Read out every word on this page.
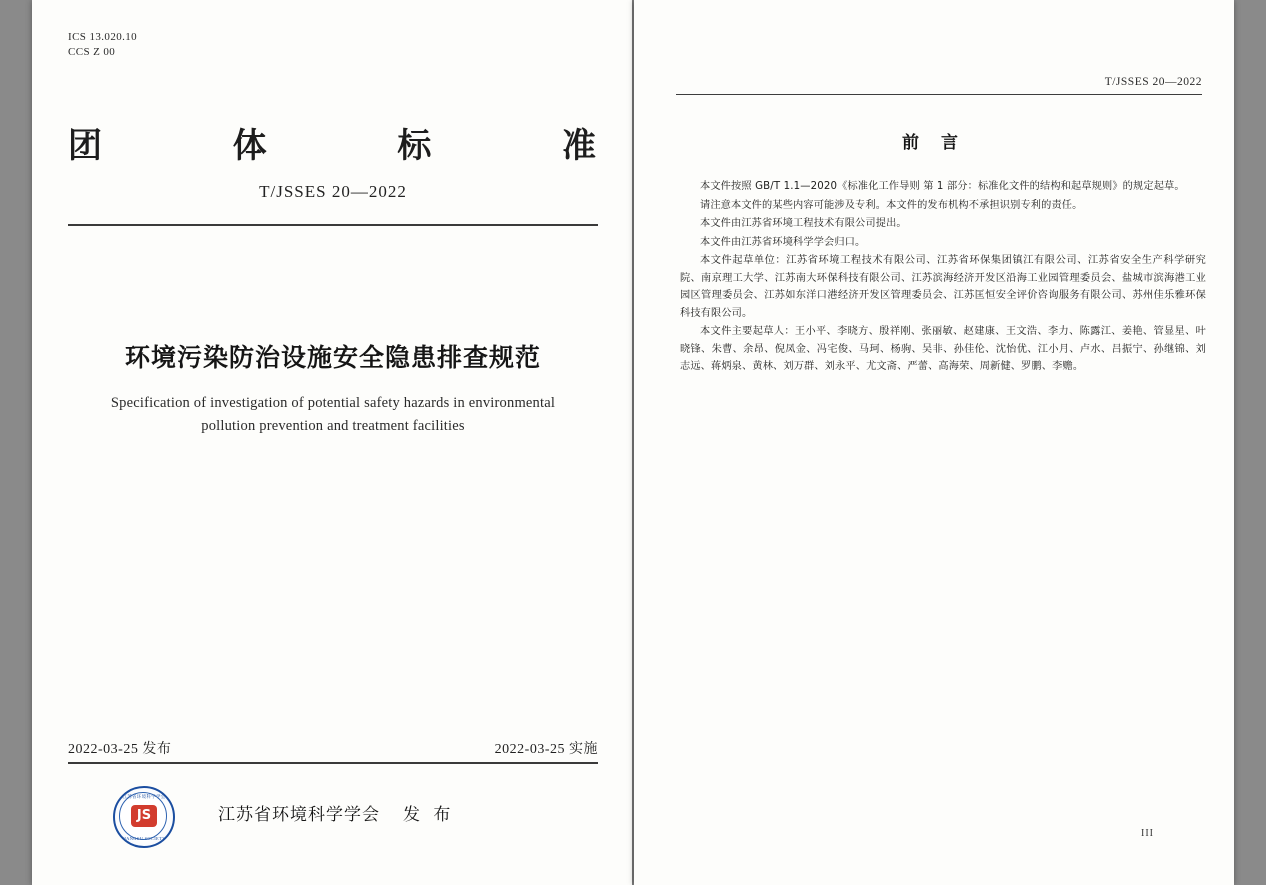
ICS 13.020.10
CCS Z 00
团	体	标	准
T/JSSES 20—2022
环境污染防治设施安全隐患排查规范
Specification of investigation of potential safety hazards in environmental pollution prevention and treatment facilities
2022-03-25 发布	2022-03-25 实施
江苏省环境科学学会
JS
JIANGSU SOCIETY
江苏省环境科学学会 发 布
T/JSSES 20—2022
前 言

本文件按照 GB/T 1.1—2020《标准化工作导则 第 1 部分：标准化文件的结构和起草规则》的规定起草。

请注意本文件的某些内容可能涉及专利。本文件的发布机构不承担识别专利的责任。

本文件由江苏省环境工程技术有限公司提出。

本文件由江苏省环境科学学会归口。

本文件起草单位：江苏省环境工程技术有限公司、江苏省环保集团镇江有限公司、江苏省安全生产科学研究院、南京理工大学、江苏南大环保科技有限公司、江苏滨海经济开发区沿海工业园管理委员会、盐城市滨海港工业园区管理委员会、江苏如东洋口港经济开发区管理委员会、江苏匡恒安全评价咨询服务有限公司、苏州佳乐雅环保科技有限公司。

本文件主要起草人：王小平、李晓方、殷祥刚、张丽敏、赵建康、王文浩、李力、陈露江、姜艳、管显星、叶晓锋、朱曹、余昂、倪凤金、冯宅俊、马珂、杨驹、吴非、孙佳伦、沈怡优、江小月、卢水、吕振宁、孙继锦、刘志远、蒋炳泉、黄林、刘万群、刘永平、尤文斋、严蕾、高海荣、周新健、罗鹏、李赡。

III
